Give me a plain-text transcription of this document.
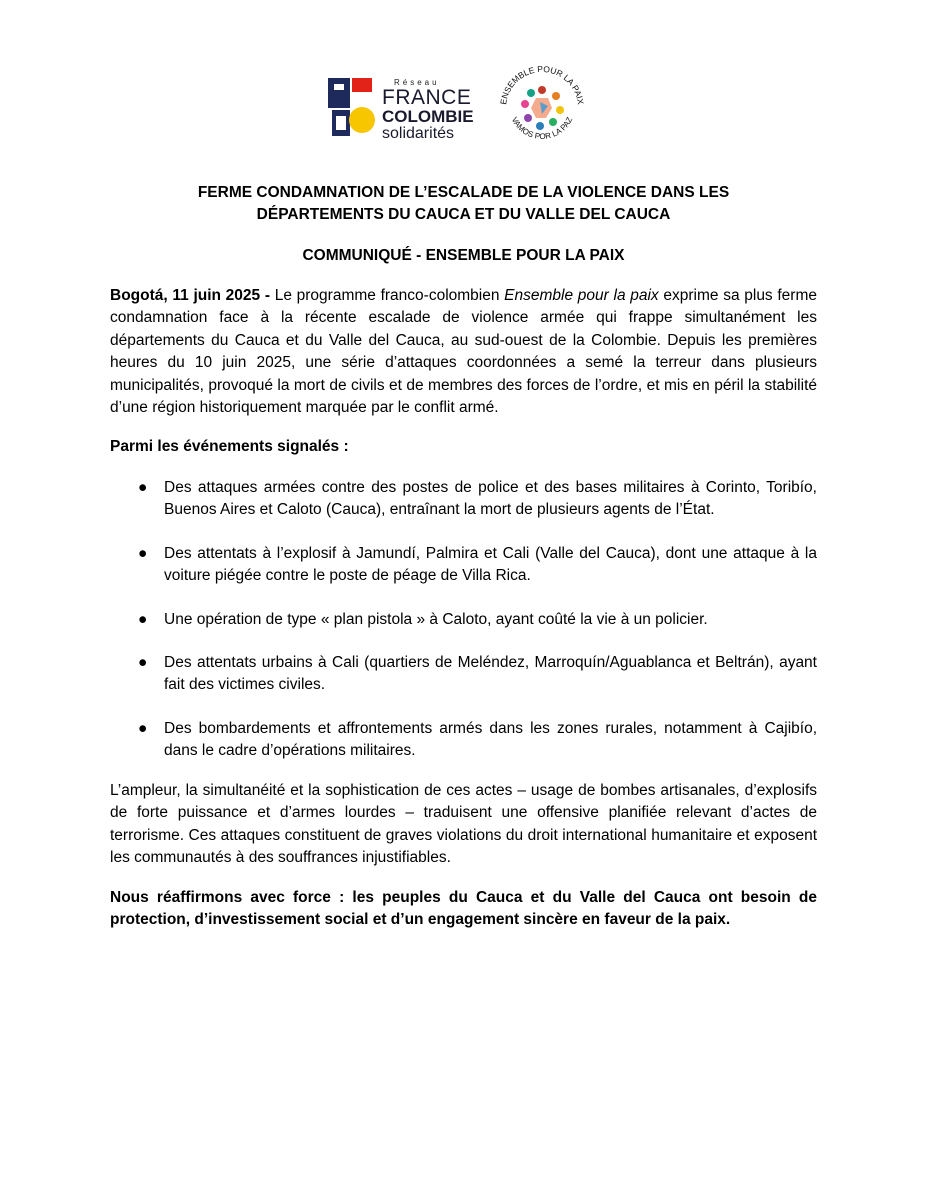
Réseau
FRANCE
COLOMBIE
solidarités
ENSEMBLE POUR LA PAIX
VAMOS POR LA PAZ
FERME CONDAMNATION DE L’ESCALADE DE LA VIOLENCE DANS LES
DÉPARTEMENTS DU CAUCA ET DU VALLE DEL CAUCA
COMMUNIQUÉ - ENSEMBLE POUR LA PAIX
Bogotá, 11 juin 2025 - Le programme franco-colombien Ensemble pour la paix exprime sa plus ferme condamnation face à la récente escalade de violence armée qui frappe simultanément les départements du Cauca et du Valle del Cauca, au sud-ouest de la Colombie. Depuis les premières heures du 10 juin 2025, une série d’attaques coordonnées a semé la terreur dans plusieurs municipalités, provoqué la mort de civils et de membres des forces de l’ordre, et mis en péril la stabilité d’une région historiquement marquée par le conflit armé.
Parmi les événements signalés :
● Des attaques armées contre des postes de police et des bases militaires à Corinto, Toribío, Buenos Aires et Caloto (Cauca), entraînant la mort de plusieurs agents de l’État.
● Des attentats à l’explosif à Jamundí, Palmira et Cali (Valle del Cauca), dont une attaque à la voiture piégée contre le poste de péage de Villa Rica.
● Une opération de type « plan pistola » à Caloto, ayant coûté la vie à un policier.
● Des attentats urbains à Cali (quartiers de Meléndez, Marroquín/Aguablanca et Beltrán), ayant fait des victimes civiles.
● Des bombardements et affrontements armés dans les zones rurales, notamment à Cajibío, dans le cadre d’opérations militaires.
L’ampleur, la simultanéité et la sophistication de ces actes – usage de bombes artisanales, d’explosifs de forte puissance et d’armes lourdes – traduisent une offensive planifiée relevant d’actes de terrorisme. Ces attaques constituent de graves violations du droit international humanitaire et exposent les communautés à des souffrances injustifiables.
Nous réaffirmons avec force : les peuples du Cauca et du Valle del Cauca ont besoin de protection, d’investissement social et d’un engagement sincère en faveur de la paix.
